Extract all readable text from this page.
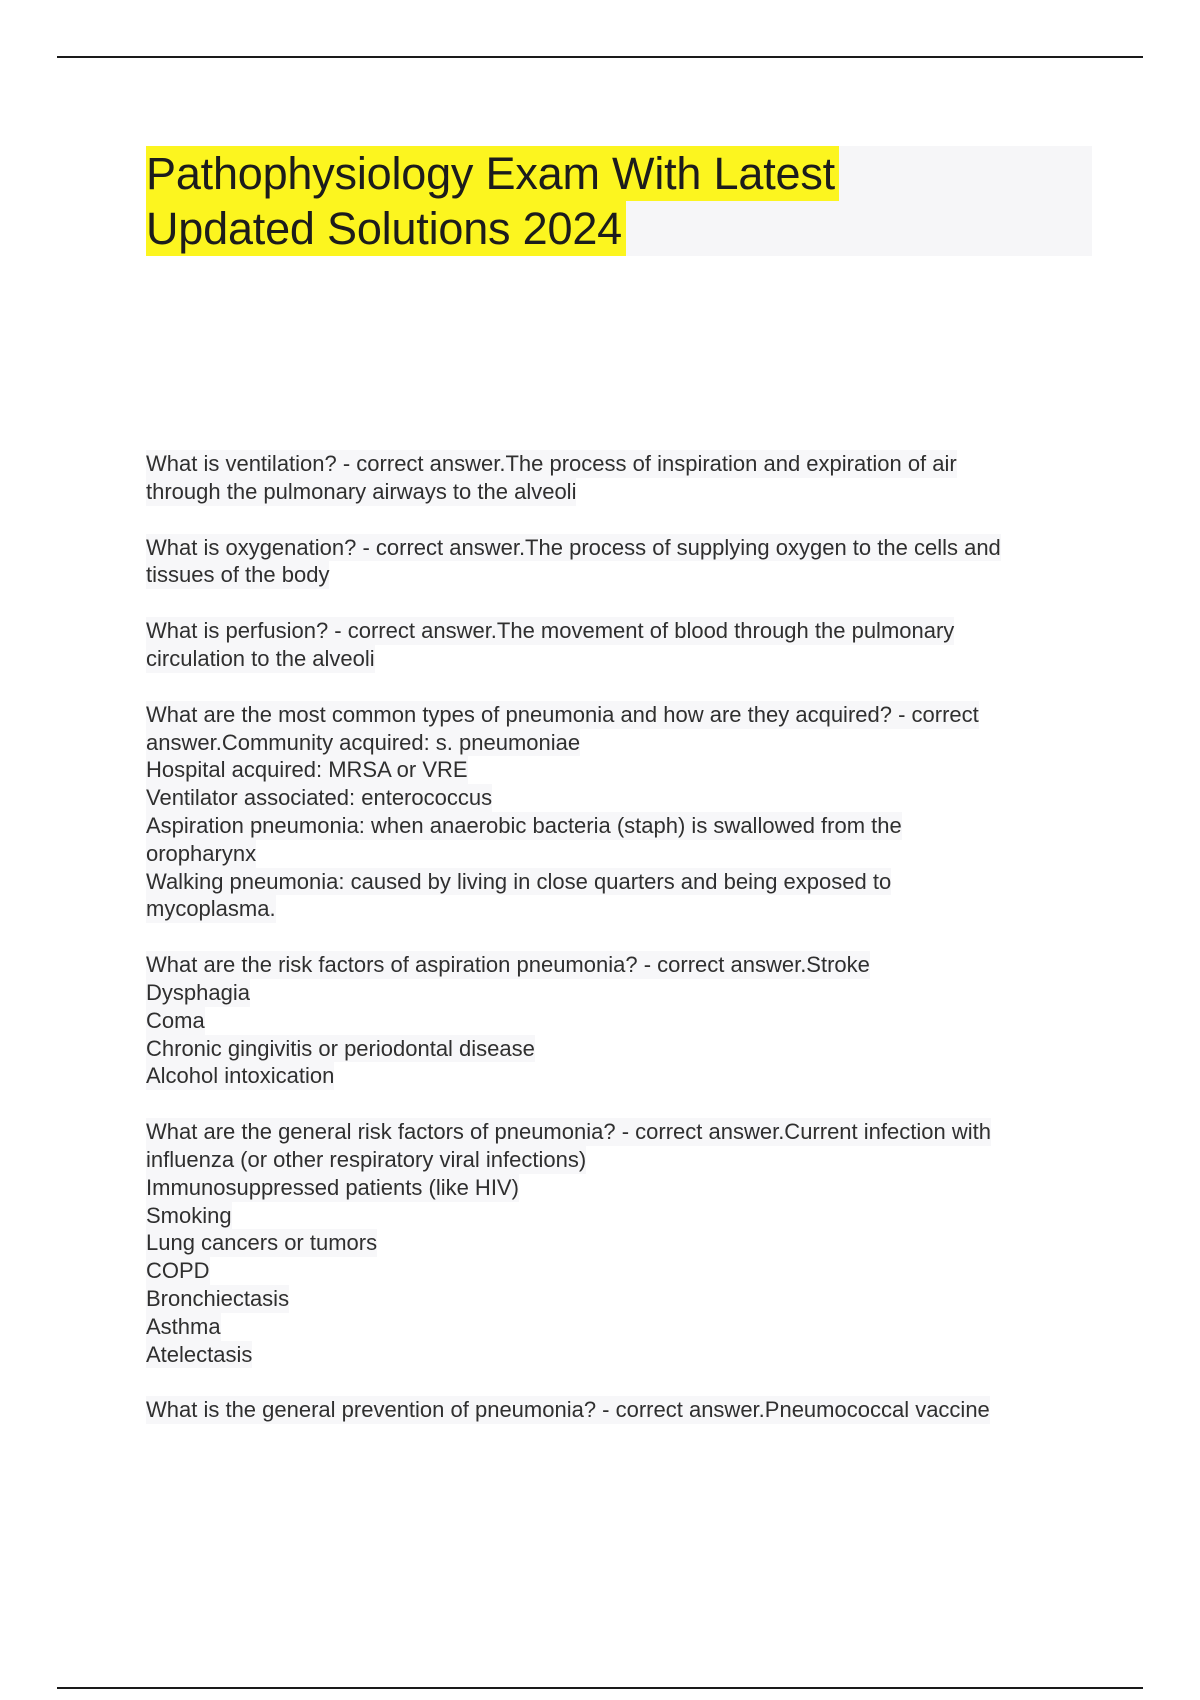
Pathophysiology Exam With Latest
Updated Solutions 2024
What is ventilation? - correct answer.The process of inspiration and expiration of air
through the pulmonary airways to the alveoli
What is oxygenation? - correct answer.The process of supplying oxygen to the cells and
tissues of the body
What is perfusion? - correct answer.The movement of blood through the pulmonary
circulation to the alveoli
What are the most common types of pneumonia and how are they acquired? - correct
answer.Community acquired: s. pneumoniae
Hospital acquired: MRSA or VRE
Ventilator associated: enterococcus
Aspiration pneumonia: when anaerobic bacteria (staph) is swallowed from the
oropharynx
Walking pneumonia: caused by living in close quarters and being exposed to
mycoplasma.
What are the risk factors of aspiration pneumonia? - correct answer.Stroke
Dysphagia
Coma
Chronic gingivitis or periodontal disease
Alcohol intoxication
What are the general risk factors of pneumonia? - correct answer.Current infection with
influenza (or other respiratory viral infections)
Immunosuppressed patients (like HIV)
Smoking
Lung cancers or tumors
COPD
Bronchiectasis
Asthma
Atelectasis
What is the general prevention of pneumonia? - correct answer.Pneumococcal vaccine
